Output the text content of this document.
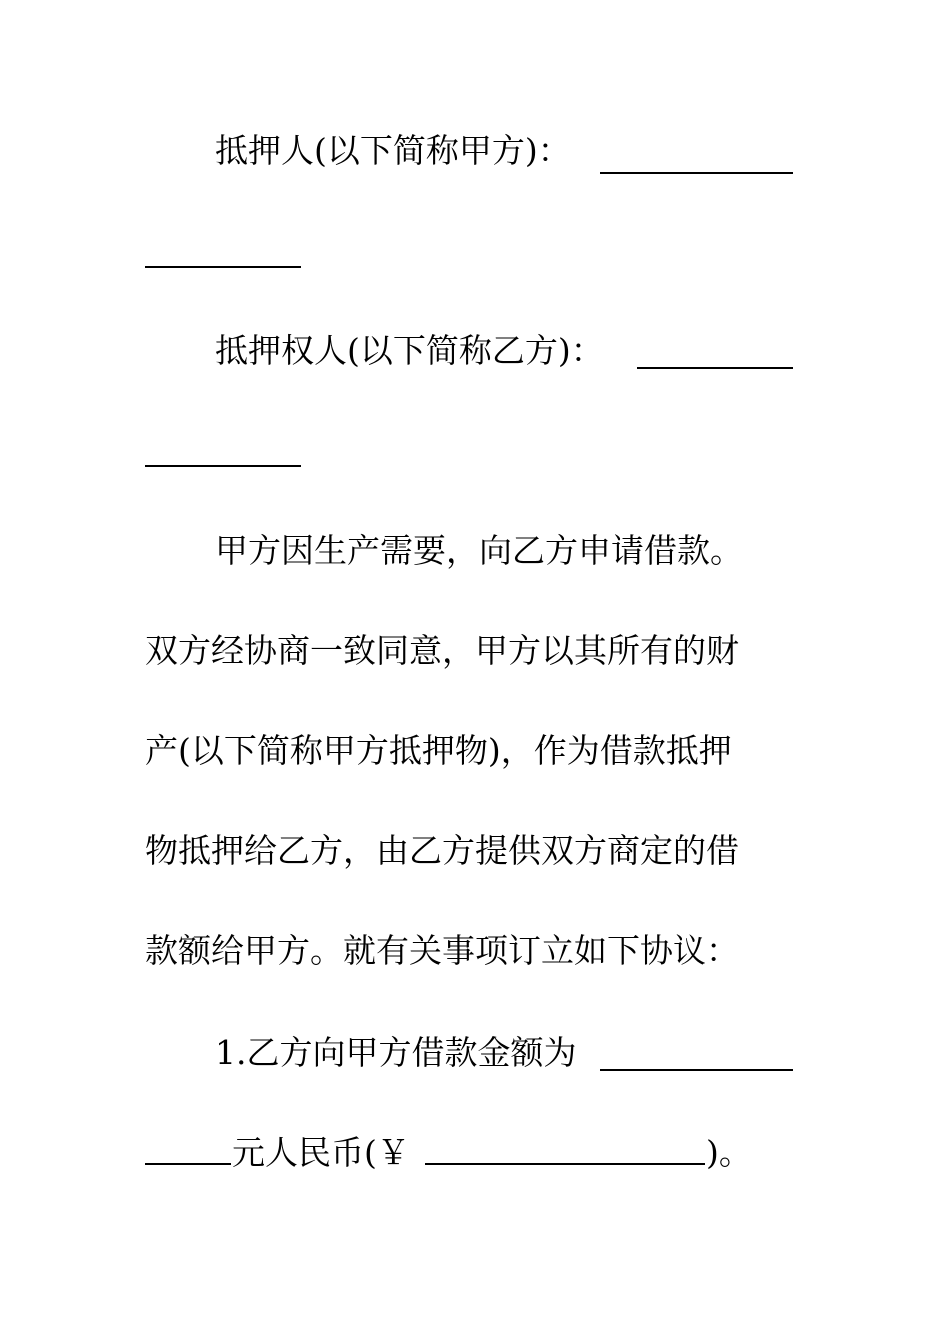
抵押人(以下简称甲方)：
抵押权人(以下简称乙方)：
甲方因生产需要，向乙方申请借款。
双方经协商一致同意，甲方以其所有的财
产(以下简称甲方抵押物)，作为借款抵押
物抵押给乙方，由乙方提供双方商定的借
款额给甲方。就有关事项订立如下协议：
1.乙方向甲方借款金额为
元人民币(￥	)。
